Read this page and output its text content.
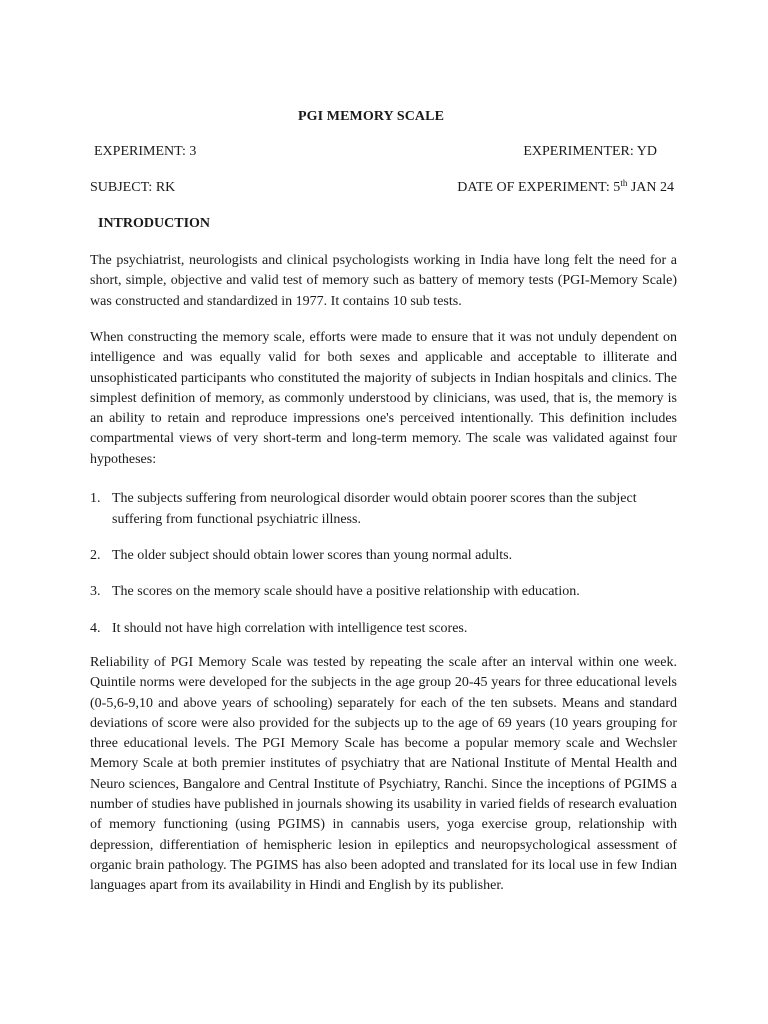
PGI MEMORY SCALE
EXPERIMENT: 3	EXPERIMENTER: YD
SUBJECT: RK	DATE OF EXPERIMENT: 5th JAN 24
INTRODUCTION

The psychiatrist, neurologists and clinical psychologists working in India have long felt the need for a short, simple, objective and valid test of memory such as battery of memory tests (PGI-Memory Scale) was constructed and standardized in 1977. It contains 10 sub tests.

When constructing the memory scale, efforts were made to ensure that it was not unduly dependent on intelligence and was equally valid for both sexes and applicable and acceptable to illiterate and unsophisticated participants who constituted the majority of subjects in Indian hospitals and clinics. The simplest definition of memory, as commonly understood by clinicians, was used, that is, the memory is an ability to retain and reproduce impressions one's perceived intentionally. This definition includes compartmental views of very short-term and long-term memory. The scale was validated against four hypotheses:

1. The subjects suffering from neurological disorder would obtain poorer scores than the subject suffering from functional psychiatric illness.
2. The older subject should obtain lower scores than young normal adults.
3. The scores on the memory scale should have a positive relationship with education.
4. It should not have high correlation with intelligence test scores.

Reliability of PGI Memory Scale was tested by repeating the scale after an interval within one week. Quintile norms were developed for the subjects in the age group 20-45 years for three educational levels (0-5,6-9,10 and above years of schooling) separately for each of the ten subsets. Means and standard deviations of score were also provided for the subjects up to the age of 69 years (10 years grouping for three educational levels. The PGI Memory Scale has become a popular memory scale and Wechsler Memory Scale at both premier institutes of psychiatry that are National Institute of Mental Health and Neuro sciences, Bangalore and Central Institute of Psychiatry, Ranchi. Since the inceptions of PGIMS a number of studies have published in journals showing its usability in varied fields of research evaluation of memory functioning (using PGIMS) in cannabis users, yoga exercise group, relationship with depression, differentiation of hemispheric lesion in epileptics and neuropsychological assessment of organic brain pathology. The PGIMS has also been adopted and translated for its local use in few Indian languages apart from its availability in Hindi and English by its publisher.
